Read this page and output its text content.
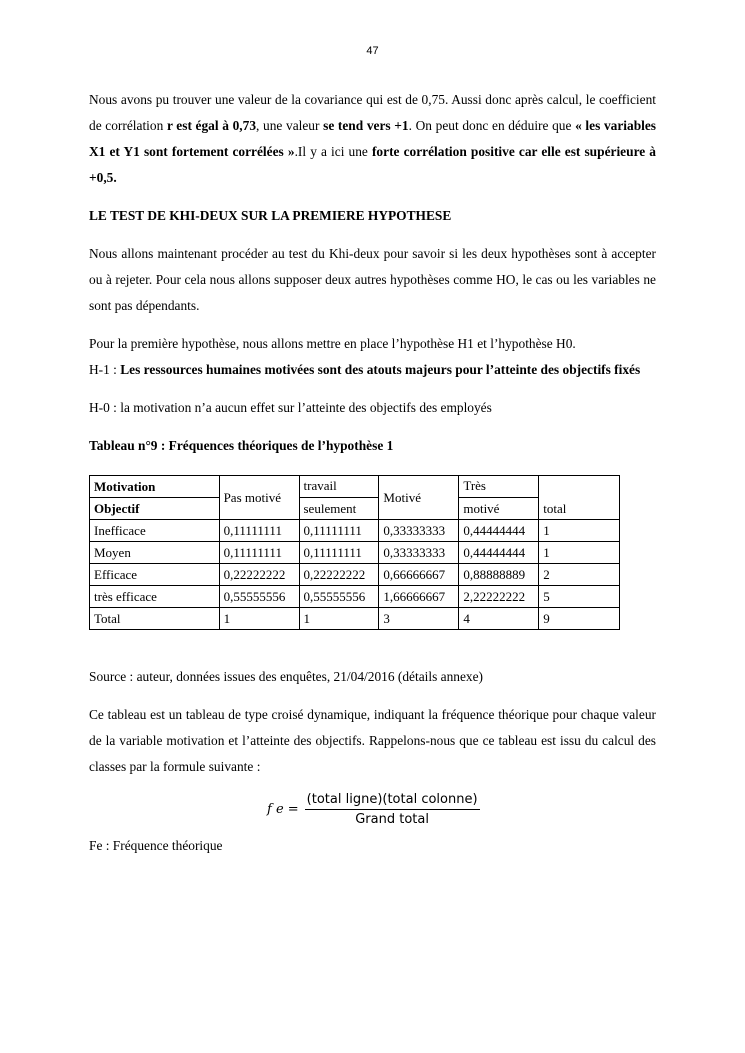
47

Nous avons pu trouver une valeur de la covariance qui est de 0,75. Aussi donc après calcul, le coefficient de corrélation r est égal à 0,73, une valeur se tend vers +1. On peut donc en déduire que « les variables X1 et Y1 sont fortement corrélées ».Il y a ici une forte corrélation positive car elle est supérieure à +0,5.

LE TEST DE KHI-DEUX SUR LA PREMIERE HYPOTHESE

Nous allons maintenant procéder au test du Khi-deux pour savoir si les deux hypothèses sont à accepter ou à rejeter. Pour cela nous allons supposer deux autres hypothèses comme HO, le cas ou les variables ne sont pas dépendants.

Pour la première hypothèse, nous allons mettre en place l’hypothèse H1 et l’hypothèse H0.

H-1 : Les ressources humaines motivées sont des atouts majeurs pour l’atteinte des objectifs fixés

H-0 : la motivation n’a aucun effet sur l’atteinte des objectifs des employés

Tableau n°9 : Fréquences théoriques de l’hypothèse 1
Motivation	Pas motivé	travail	Motivé	Très	total
Objectif		seulement		motivé	
Inefficace	0,11111111	0,11111111	0,33333333	0,44444444	1
Moyen	0,11111111	0,11111111	0,33333333	0,44444444	1
Efficace	0,22222222	0,22222222	0,66666667	0,88888889	2
très efficace	0,55555556	0,55555556	1,66666667	2,22222222	5
Total	1	1	3	4	9

Source : auteur, données issues des enquêtes, 21/04/2016 (détails annexe)

Ce tableau est un tableau de type croisé dynamique, indiquant la fréquence théorique pour chaque valeur de la variable motivation et l’atteinte des objectifs. Rappelons-nous que ce tableau est issu du calcul des classes par la formule suivante :

f $e = \frac{\text{(total ligne)(total colonne)}}{\text{Grand total}}$

Fe : Fréquence théorique
